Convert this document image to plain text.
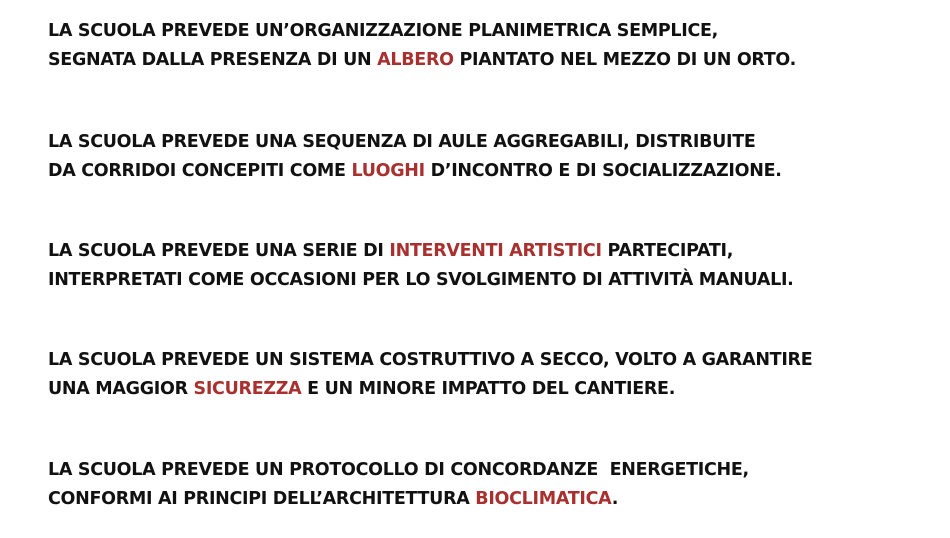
LA SCUOLA PREVEDE UN’ORGANIZZAZIONE PLANIMETRICA SEMPLICE,
SEGNATA DALLA PRESENZA DI UN ALBERO PIANTATO NEL MEZZO DI UN ORTO.

LA SCUOLA PREVEDE UNA SEQUENZA DI AULE AGGREGABILI, DISTRIBUITE
DA CORRIDOI CONCEPITI COME LUOGHI D’INCONTRO E DI SOCIALIZZAZIONE.

LA SCUOLA PREVEDE UNA SERIE DI INTERVENTI ARTISTICI PARTECIPATI,
INTERPRETATI COME OCCASIONI PER LO SVOLGIMENTO DI ATTIVITÀ MANUALI.

LA SCUOLA PREVEDE UN SISTEMA COSTRUTTIVO A SECCO, VOLTO A GARANTIRE
UNA MAGGIOR SICUREZZA E UN MINORE IMPATTO DEL CANTIERE.

LA SCUOLA PREVEDE UN PROTOCOLLO DI CONCORDANZE  ENERGETICHE,
CONFORMI AI PRINCIPI DELL’ARCHITETTURA BIOCLIMATICA.
